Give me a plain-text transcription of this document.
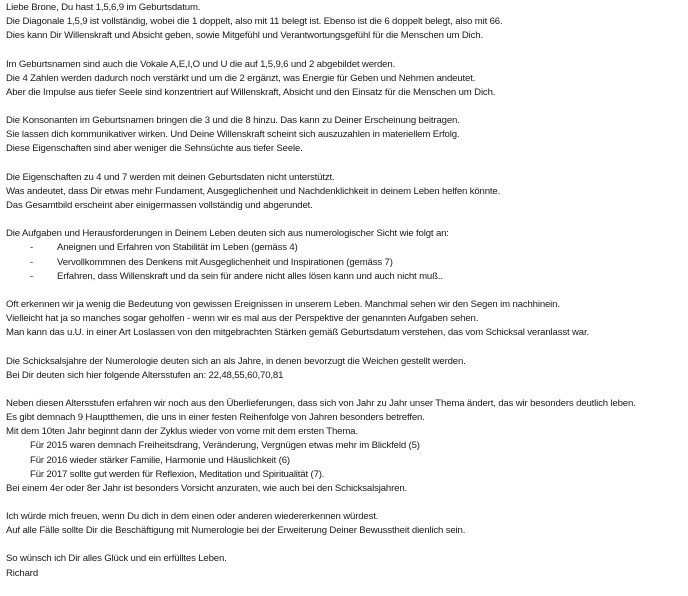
Liebe Brone, Du hast 1,5,6,9 im Geburtsdatum.
Die Diagonale 1,5,9 ist vollständig, wobei die 1 doppelt, also mit 11 belegt ist. Ebenso ist die 6 doppelt belegt, also mit 66.
Dies kann Dir Willenskraft und Absicht geben, sowie Mitgefühl und Verantwortungsgefühl für die Menschen um Dich.
Im Geburtsnamen sind auch die Vokale A,E,I,O und U die auf 1,5,9,6 und 2 abgebildet werden.
Die 4 Zahlen werden dadurch noch verstärkt und um die 2 ergänzt, was Energie für Geben und Nehmen andeutet.
Aber die Impulse aus tiefer Seele sind konzentriert auf Willenskraft, Absicht und den Einsatz für die Menschen um Dich.
Die Konsonanten im Geburtsnamen bringen die 3 und die 8 hinzu. Das kann zu Deiner Erscheinung beitragen.
Sie lassen dich kommunikativer wirken. Und Deine Willenskraft scheint sich auszuzahlen in materiellem Erfolg.
Diese Eigenschaften sind aber weniger die Sehnsüchte aus tiefer Seele.
Die Eigenschaften zu 4 und 7 werden mit deinen Geburtsdaten nicht unterstützt.
Was andeutet, dass Dir etwas mehr Fundament, Ausgeglichenheit und Nachdenklichkeit in deinem Leben helfen könnte.
Das Gesamtbild erscheint aber einigermassen vollständig und abgerundet.
Die Aufgaben und Herausforderungen in Deinem Leben deuten sich aus numerologischer Sicht wie folgt an:
- Aneignen und Erfahren von Stabilität im Leben (gemäss 4)
- Vervollkommnen des Denkens mit Ausgeglichenheit und Inspirationen (gemäss 7)
- Erfahren, dass Willenskraft und da sein für andere nicht alles lösen kann und auch nicht muß..
Oft erkennen wir ja wenig die Bedeutung von gewissen Ereignissen in unserem Leben. Manchmal sehen wir den Segen im nachhinein.
Vielleicht hat ja so manches sogar geholfen - wenn wir es mal aus der Perspektive der genannten Aufgaben sehen.
Man kann das u.U. in einer Art Loslassen von den mitgebrachten Stärken gemäß Geburtsdatum verstehen, das vom Schicksal veranlasst war.
Die Schicksalsjahre der Numerologie deuten sich an als Jahre, in denen bevorzugt die Weichen gestellt werden.
Bei Dir deuten sich hier folgende Altersstufen an: 22,48,55,60,70,81
Neben diesen Altersstufen erfahren wir noch aus den Überlieferungen, dass sich von Jahr zu Jahr unser Thema ändert, das wir besonders deutlich leben.
Es gibt demnach 9 Hauptthemen, die uns in einer festen Reihenfolge von Jahren besonders betreffen.
Mit dem 10ten Jahr beginnt dann der Zyklus wieder von vorne mit dem ersten Thema.
Für 2015 waren demnach Freiheitsdrang, Veränderung, Vergnügen etwas mehr im Blickfeld (5)
Für 2016 wieder stärker Familie, Harmonie und Häuslichkeit (6)
Für 2017 sollte gut werden für Reflexion, Meditation und Spiritualität (7).
Bei einem 4er oder 8er Jahr ist besonders Vorsicht anzuraten, wie auch bei den Schicksalsjahren.
Ich würde mich freuen, wenn Du dich in dem einen oder anderen wiedererkennen würdest.
Auf alle Fälle sollte Dir die Beschäftigung mit Numerologie bei der Erweiterung Deiner Bewusstheit dienlich sein.
So wünsch ich Dir alles Glück und ein erfülltes Leben.
Richard
